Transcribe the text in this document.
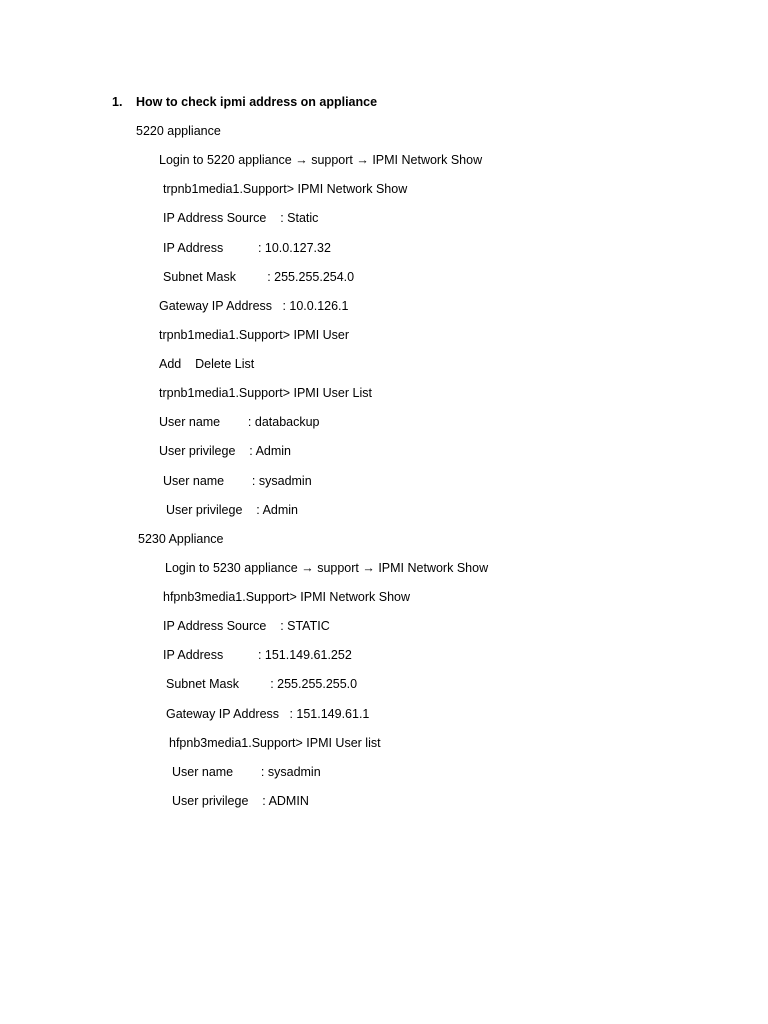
1. How to check ipmi address on appliance
5220 appliance
Login to 5220 appliance → support → IPMI Network Show
trpnb1media1.Support> IPMI Network Show
IP Address Source    : Static
IP Address          : 10.0.127.32
Subnet Mask         : 255.255.254.0
Gateway IP Address   : 10.0.126.1
trpnb1media1.Support> IPMI User
Add    Delete List
trpnb1media1.Support> IPMI User List
User name        : databackup
User privilege    : Admin
User name        : sysadmin
User privilege    : Admin
5230 Appliance
Login to 5230 appliance → support → IPMI Network Show
hfpnb3media1.Support> IPMI Network Show
IP Address Source    : STATIC
IP Address          : 151.149.61.252
Subnet Mask         : 255.255.255.0
Gateway IP Address   : 151.149.61.1
hfpnb3media1.Support> IPMI User list
User name        : sysadmin
User privilege    : ADMIN
